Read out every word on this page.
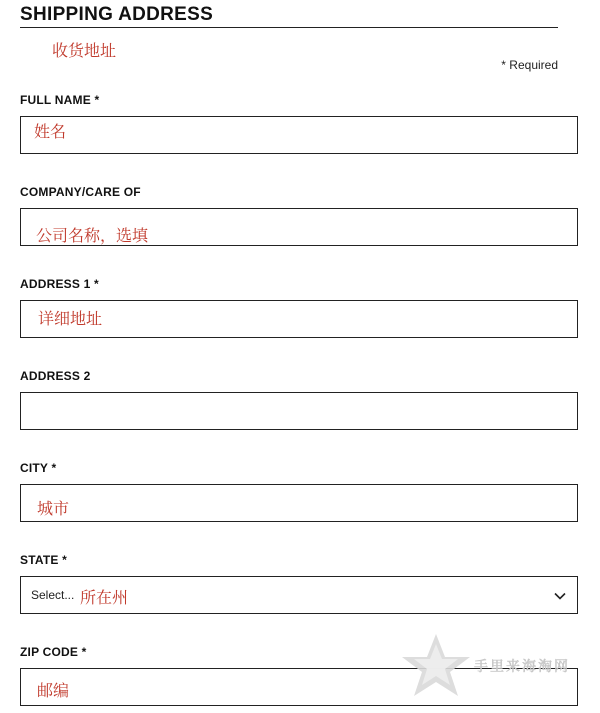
SHIPPING ADDRESS
收货地址
* Required
FULL NAME *
姓名
COMPANY/CARE OF
公司名称，选填
ADDRESS 1 *
详细地址
ADDRESS 2
CITY *
城市
STATE *
Select... 所在州
ZIP CODE *
邮编
手里来海淘网
